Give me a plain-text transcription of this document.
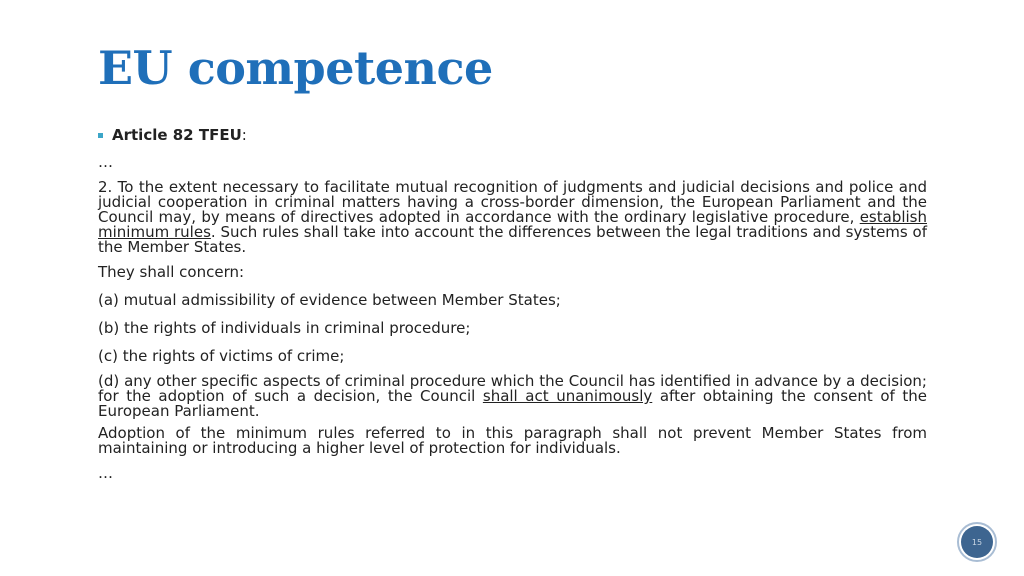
EU competence
Article 82 TFEU :
…

2. To the extent necessary to facilitate mutual recognition of judgments and judicial decisions and police and judicial cooperation in criminal matters having a cross-border dimension, the European Parliament and the Council may, by means of directives adopted in accordance with the ordinary legislative procedure, establish minimum rules. Such rules shall take into account the differences between the legal traditions and systems of the Member States.

They shall concern:

(a) mutual admissibility of evidence between Member States;

(b) the rights of individuals in criminal procedure;

(c) the rights of victims of crime;

(d) any other specific aspects of criminal procedure which the Council has identified in advance by a decision; for the adoption of such a decision, the Council shall act unanimously after obtaining the consent of the European Parliament.

Adoption of the minimum rules referred to in this paragraph shall not prevent Member States from maintaining or introducing a higher level of protection for individuals.

…
15
